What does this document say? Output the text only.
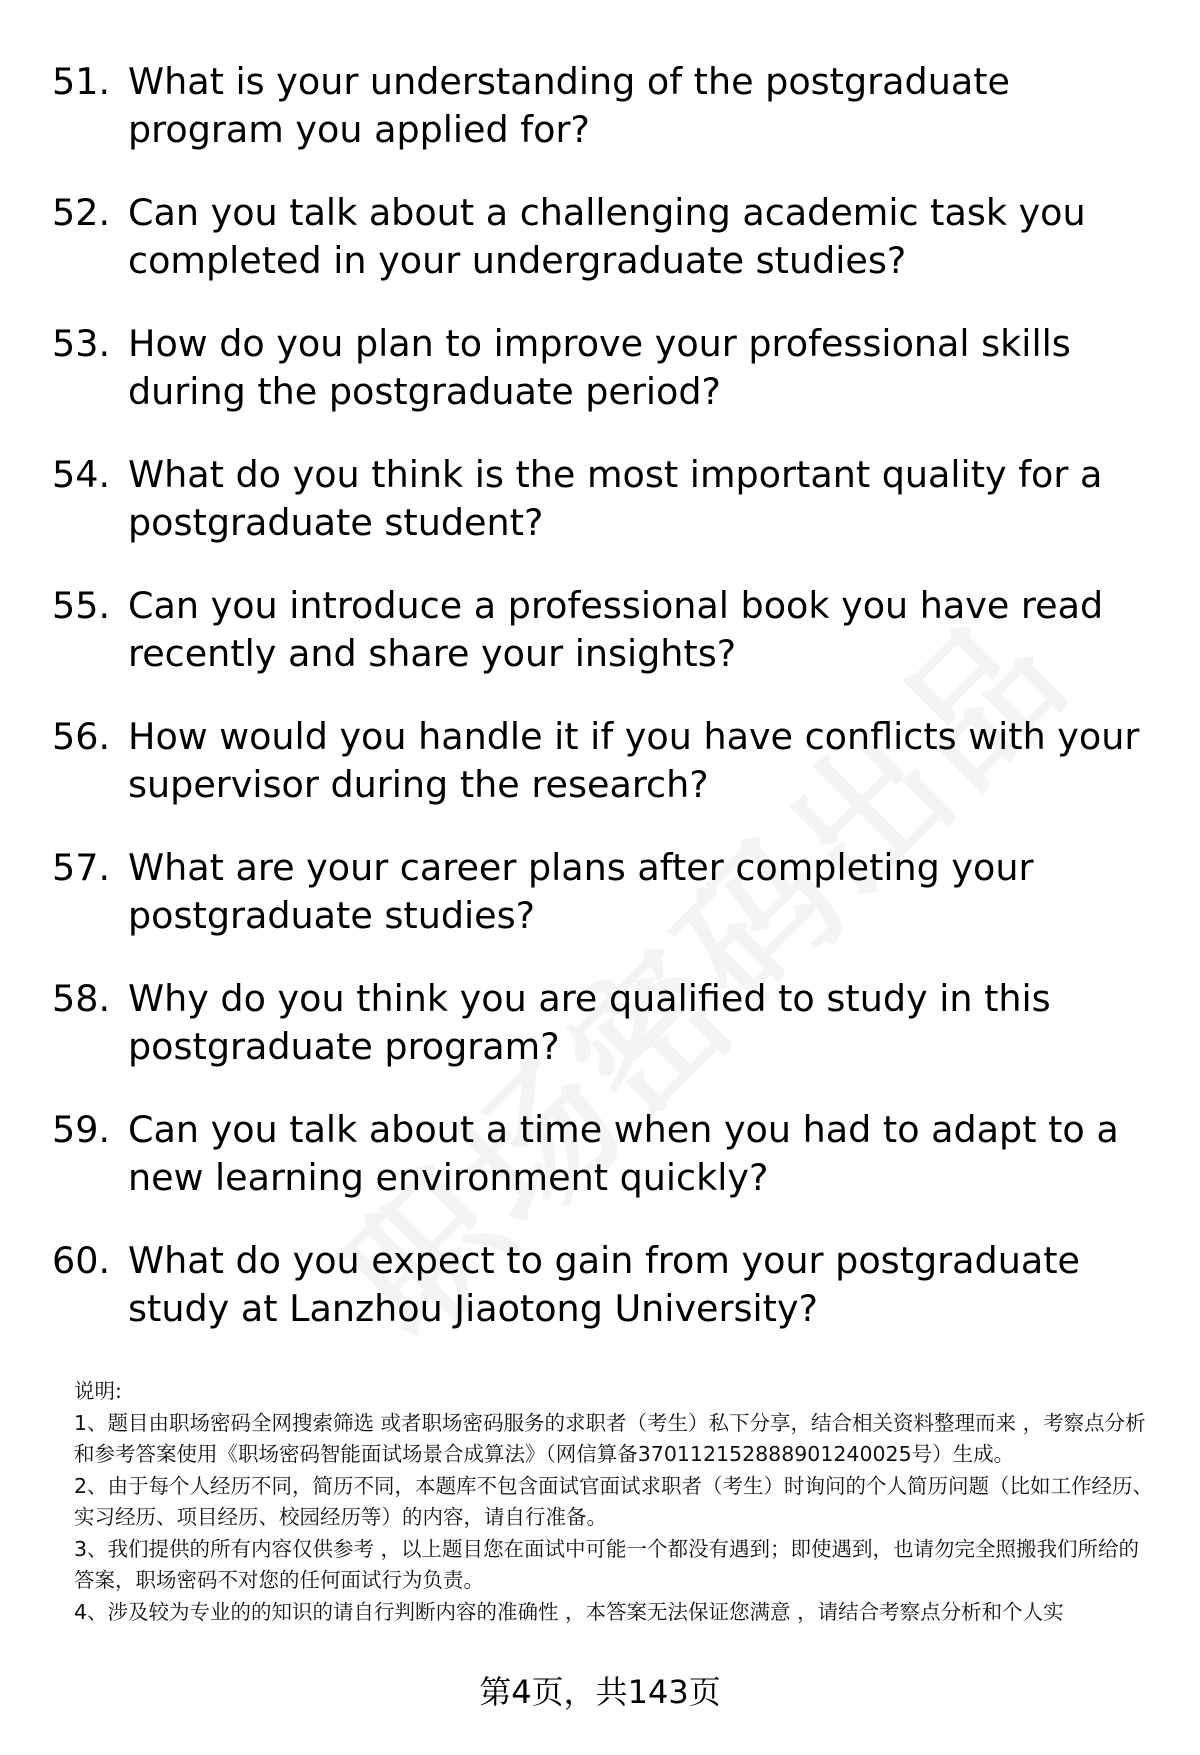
51. What is your understanding of the postgraduate program you applied for?
52. Can you talk about a challenging academic task you completed in your undergraduate studies?
53. How do you plan to improve your professional skills during the postgraduate period?
54. What do you think is the most important quality for a postgraduate student?
55. Can you introduce a professional book you have read recently and share your insights?
56. How would you handle it if you have conflicts with your supervisor during the research?
57. What are your career plans after completing your postgraduate studies?
58. Why do you think you are qualified to study in this postgraduate program?
59. Can you talk about a time when you had to adapt to a new learning environment quickly?
60. What do you expect to gain from your postgraduate study at Lanzhou Jiaotong University?

说明:

1、题目由职场密码全网搜索筛选 或者职场密码服务的求职者（考生）私下分享，结合相关资料整理而来 ，考察点分析和参考答案使用《职场密码智能面试场景合成算法》（网信算备370112152888901240025号）生成。

2、由于每个人经历不同，简历不同，本题库不包含面试官面试求职者（考生）时询问的个人简历问题（比如工作经历、实习经历、项目经历、校园经历等）的内容，请自行准备。

3、我们提供的所有内容仅供参考 ，以上题目您在面试中可能一个都没有遇到；即使遇到，也请勿完全照搬我们所给的答案，职场密码不对您的任何面试行为负责。

4、涉及较为专业的的知识的请自行判断内容的准确性 ，本答案无法保证您满意 ，请结合考察点分析和个人实

第4页，共143页
